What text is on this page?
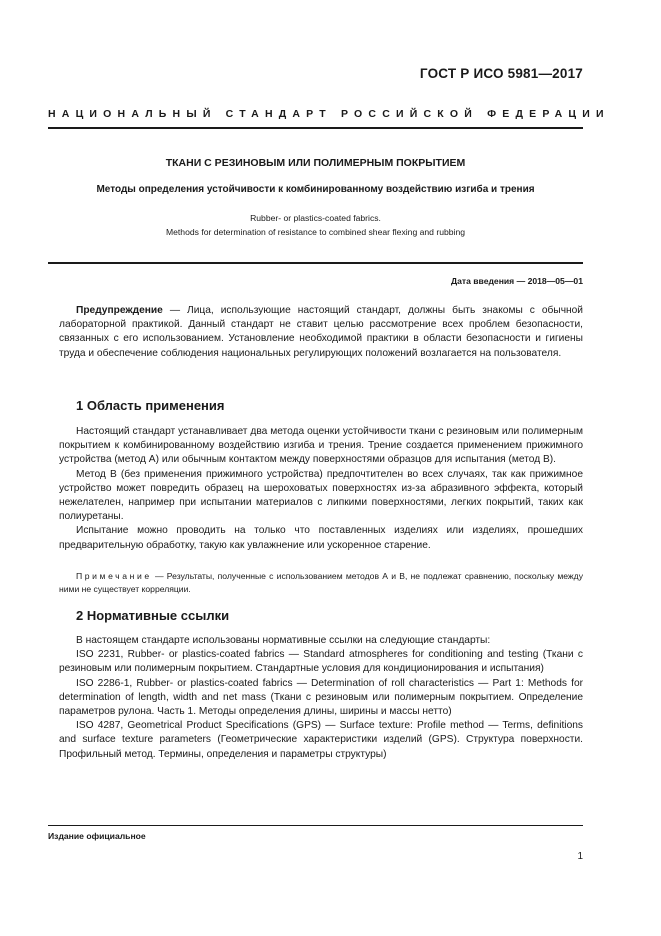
ГОСТ Р ИСО 5981—2017
НАЦИОНАЛЬНЫЙ СТАНДАРТ РОССИЙСКОЙ ФЕДЕРАЦИИ
ТКАНИ С РЕЗИНОВЫМ ИЛИ ПОЛИМЕРНЫМ ПОКРЫТИЕМ
Методы определения устойчивости к комбинированному воздействию изгиба и трения
Rubber- or plastics-coated fabrics.
Methods for determination of resistance to combined shear flexing and rubbing
Дата введения — 2018—05—01

Предупреждение — Лица, использующие настоящий стандарт, должны быть знакомы с обычной лабораторной практикой. Данный стандарт не ставит целью рассмотрение всех проблем безопасности, связанных с его использованием. Установление необходимой практики в области безопасности и гигиены труда и обеспечение соблюдения национальных регулирующих положений возлагается на пользователя.

1 Область применения

Настоящий стандарт устанавливает два метода оценки устойчивости ткани с резиновым или полимерным покрытием к комбинированному воздействию изгиба и трения. Трение создается применением прижимного устройства (метод А) или обычным контактом между поверхностями образцов для испытания (метод В).

Метод В (без применения прижимного устройства) предпочтителен во всех случаях, так как прижимное устройство может повредить образец на шероховатых поверхностях из-за абразивного эффекта, который нежелателен, например при испытании материалов с липкими поверхностями, легких покрытий, таких как полиуретаны.

Испытание можно проводить на только что поставленных изделиях или изделиях, прошедших предварительную обработку, такую как увлажнение или ускоренное старение.

Примечание — Результаты, полученные с использованием методов А и В, не подлежат сравнению, поскольку между ними не существует корреляции.

2 Нормативные ссылки

В настоящем стандарте использованы нормативные ссылки на следующие стандарты:

ISO 2231, Rubber- or plastics-coated fabrics — Standard atmospheres for conditioning and testing (Ткани с резиновым или полимерным покрытием. Стандартные условия для кондиционирования и испытания)

ISO 2286-1, Rubber- or plastics-coated fabrics — Determination of roll characteristics — Part 1: Methods for determination of length, width and net mass (Ткани с резиновым или полимерным покрытием. Определение параметров рулона. Часть 1. Методы определения длины, ширины и массы нетто)

ISO 4287, Geometrical Product Specifications (GPS) — Surface texture: Profile method — Terms, definitions and surface texture parameters (Геометрические характеристики изделий (GPS). Структура поверхности. Профильный метод. Термины, определения и параметры структуры)

Издание официальное
1
